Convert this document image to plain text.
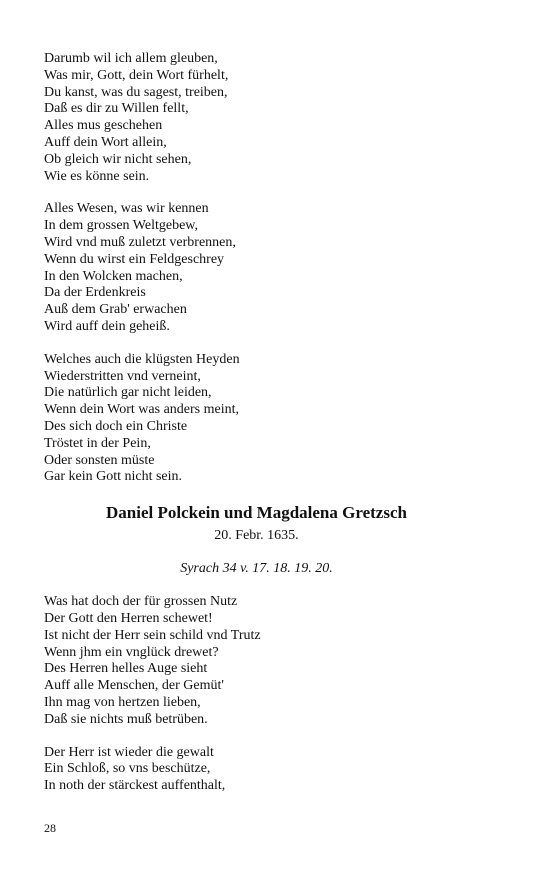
Darumb wil ich allem gleuben,
Was mir, Gott, dein Wort fürhelt,
Du kanst, was du sagest, treiben,
Daß es dir zu Willen fellt,
Alles mus geschehen
Auff dein Wort allein,
Ob gleich wir nicht sehen,
Wie es könne sein.
Alles Wesen, was wir kennen
In dem grossen Weltgebew,
Wird vnd muß zuletzt verbrennen,
Wenn du wirst ein Feldgeschrey
In den Wolcken machen,
Da der Erdenkreis
Auß dem Grab' erwachen
Wird auff dein geheiß.
Welches auch die klügsten Heyden
Wiederstritten vnd verneint,
Die natürlich gar nicht leiden,
Wenn dein Wort was anders meint,
Des sich doch ein Christe
Tröstet in der Pein,
Oder sonsten müste
Gar kein Gott nicht sein.
Daniel Polckein und Magdalena Gretzsch
20. Febr. 1635.
Syrach 34 v. 17. 18. 19. 20.
Was hat doch der für grossen Nutz
Der Gott den Herren schewet!
Ist nicht der Herr sein schild vnd Trutz
Wenn jhm ein vnglück drewet?
Des Herren helles Auge sieht
Auff alle Menschen, der Gemüt'
Ihn mag von hertzen lieben,
Daß sie nichts muß betrüben.
Der Herr ist wieder die gewalt
Ein Schloß, so vns beschütze,
In noth der stärckest auffenthalt,
28
